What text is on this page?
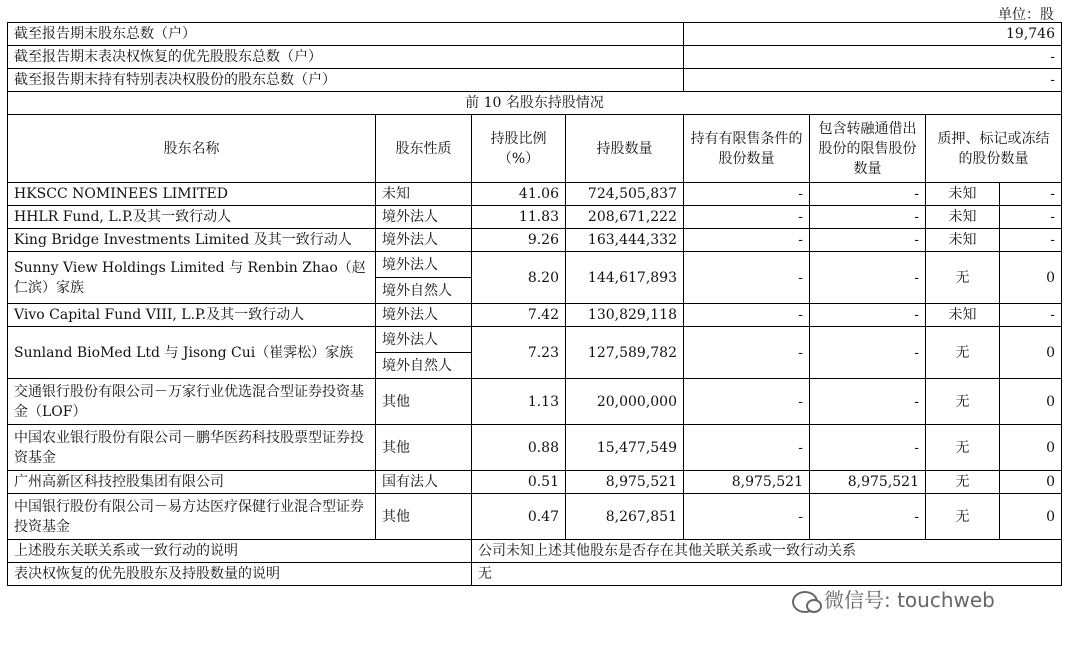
单位：股
截至报告期末股东总数（户）				19,746			
截至报告期末表决权恢复的优先股股东总数（户）				-			
截至报告期末持有特别表决权股份的股东总数（户）				-			
前 10 名股东持股情况							
股东名称	股东性质	持股比例（%）	持股数量	持有有限售条件的股份数量	包含转融通借出股份的限售股份数量	质押、标记或冻结的股份数量	
HKSCC NOMINEES LIMITED	未知	41.06	724,505,837	-	-	未知	-
HHLR Fund, L.P.及其一致行动人	境外法人	11.83	208,671,222	-	-	未知	-
King Bridge Investments Limited 及其一致行动人	境外法人	9.26	163,444,332	-	-	未知	-
Sunny View Holdings Limited 与 Renbin Zhao（赵仁滨）家族	境外法人	8.20	144,617,893	-	-	无	0
	境外自然人						
Vivo Capital Fund VIII, L.P.及其一致行动人	境外法人	7.42	130,829,118	-	-	未知	-
Sunland BioMed Ltd 与 Jisong Cui（崔霁松）家族	境外法人	7.23	127,589,782	-	-	无	0
	境外自然人						
交通银行股份有限公司－万家行业优选混合型证券投资基金（LOF）	其他	1.13	20,000,000	-	-	无	0
中国农业银行股份有限公司－鹏华医药科技股票型证券投资基金	其他	0.88	15,477,549	-	-	无	0
广州高新区科技控股集团有限公司	国有法人	0.51	8,975,521	8,975,521	8,975,521	无	0
中国银行股份有限公司－易方达医疗保健行业混合型证券投资基金	其他	0.47	8,267,851	-	-	无	0
上述股东关联关系或一致行动的说明		公司未知上述其他股东是否存在其他关联关系或一致行动关系					
表决权恢复的优先股股东及持股数量的说明		无					
微信号: touchweb
